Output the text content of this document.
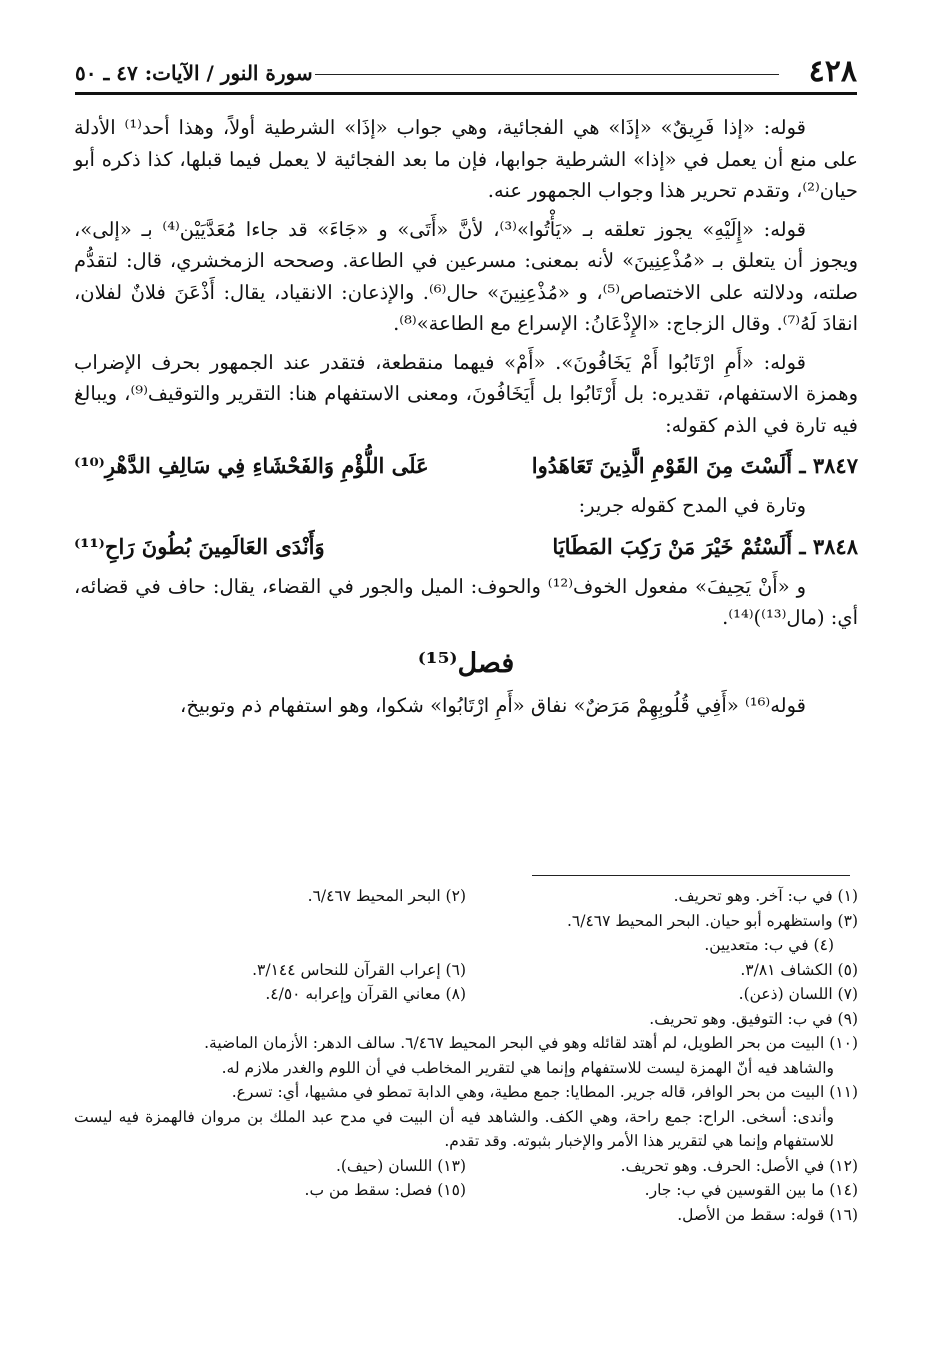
٤٢٨
سورة النور / الآيات: ٤٧ ـ ٥٠

قوله: «إذا فَرِيقٌ» «إذَا» هي الفجائية، وهي جواب «إذَا» الشرطية أولاً، وهذا أحد⁽¹⁾ الأدلة على منع أن يعمل في «إذا» الشرطية جوابها، فإن ما بعد الفجائية لا يعمل فيما قبلها، كذا ذكره أبو حيان⁽²⁾، وتقدم تحرير هذا وجواب الجمهور عنه.

قوله: «إِلَيْهِ» يجوز تعلقه بـ «يَأْتُوا»⁽³⁾، لأنَّ «أَتَى» و «جَاءَ» قد جاءا مُعَدَّيَيْن⁽⁴⁾ بـ «إلى»، ويجوز أن يتعلق بـ «مُذْعِنِينَ» لأنه بمعنى: مسرعين في الطاعة. وصححه الزمخشري، قال: لتقدُّم صلته، ودلالته على الاختصاص⁽⁵⁾، و «مُذْعِنِينَ» حال⁽⁶⁾. والإذعان: الانقياد، يقال: أَذْعَنَ فلانٌ لفلان، انقادَ لَهُ⁽⁷⁾. وقال الزجاج: «الإِذْعَانُ: الإسراع مع الطاعة»⁽⁸⁾.

قوله: «أَمِ ارْتَابُوا أَمْ يَخَافُونَ». «أَمْ» فيهما منقطعة، فتقدر عند الجمهور بحرف الإضراب وهمزة الاستفهام، تقديره: بل أَرْتَابُوا بل أَيَخَافُونَ، ومعنى الاستفهام هنا: التقرير والتوقيف⁽⁹⁾، ويبالغ فيه تارة في الذم كقوله:

٣٨٤٧ ـ أَلَسْتَ مِنَ القَوْمِ الَّذِينَ تَعَاهَدُوا
عَلَى اللُّؤْمِ وَالفَحْشَاءِ فِي سَالِفِ الدَّهْرِ⁽¹⁰⁾

وتارة في المدح كقوله جرير:

٣٨٤٨ ـ أَلَسْتُمْ خَيْرَ مَنْ رَكِبَ المَطَايَا
وَأَنْدَى العَالَمِينَ بُطُونَ رَاحِ⁽¹¹⁾

و «أَنْ يَحِيفَ» مفعول الخوف⁽¹²⁾ والحوف: الميل والجور في القضاء، يقال: حاف في قضائه، أي: (مال⁽¹³⁾)⁽¹⁴⁾.

فصل⁽¹⁵⁾

قوله⁽¹⁶⁾ «أَفِي قُلُوبِهِمْ مَرَضٌ» نفاق «أَمِ ارْتَابُوا» شكوا، وهو استفهام ذم وتوبيخ،

(١) في ب: آخر. وهو تحريف.
(٢) البحر المحيط ٦/٤٦٧.
(٣) واستظهره أبو حيان. البحر المحيط ٦/٤٦٧.
(٤) في ب: متعديين.
(٥) الكشاف ٣/٨١.
(٦) إعراب القرآن للنحاس ٣/١٤٤.
(٧) اللسان (ذعن).
(٨) معاني القرآن وإعرابه ٤/٥٠.
(٩) في ب: التوفيق. وهو تحريف.
(١٠) البيت من بحر الطويل، لم أهتد لقائله وهو في البحر المحيط ٦/٤٦٧. سالف الدهر: الأزمان الماضية.
والشاهد فيه أنّ الهمزة ليست للاستفهام وإنما هي لتقرير المخاطب في أن اللوم والغدر ملازم له.
(١١) البيت من بحر الوافر، قاله جرير. المطايا: جمع مطية، وهي الدابة تمطو في مشيها، أي: تسرع.
وأندى: أسخى. الراح: جمع راحة، وهي الكف. والشاهد فيه أن البيت في مدح عبد الملك بن مروان فالهمزة فيه ليست للاستفهام وإنما هي لتقرير هذا الأمر والإخبار بثبوته. وقد تقدم.
(١٢) في الأصل: الحرف. وهو تحريف.
(١٣) اللسان (حيف).
(١٤) ما بين القوسين في ب: جار.
(١٥) فصل: سقط من ب.
(١٦) قوله: سقط من الأصل.
